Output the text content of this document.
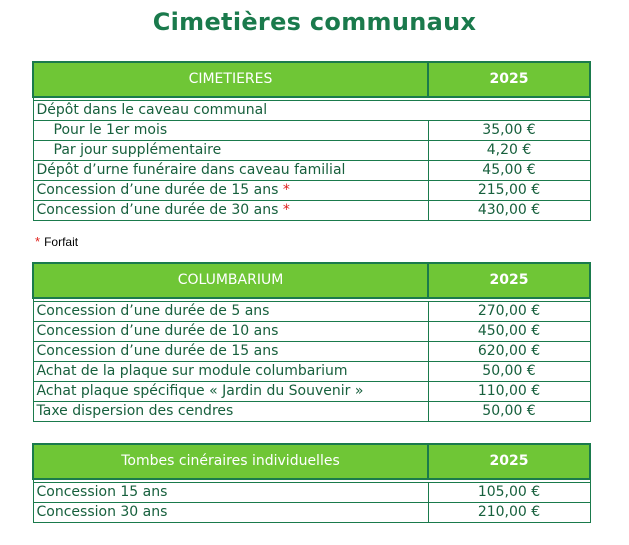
Cimetières communaux
CIMETIERES	2025

Dépôt dans le caveau communal	
Pour le 1er mois	35,00 €
Par jour supplémentaire	4,20 €
Dépôt d’urne funéraire dans caveau familial	45,00 €
Concession d’une durée de 15 ans *	215,00 €
Concession d’une durée de 30 ans *	430,00 €
* Forfait
COLUMBARIUM	2025

Concession d’une durée de 5 ans	270,00 €
Concession d’une durée de 10 ans	450,00 €
Concession d’une durée de 15 ans	620,00 €
Achat de la plaque sur module columbarium	50,00 €
Achat plaque spécifique « Jardin du Souvenir »	110,00 €
Taxe dispersion des cendres	50,00 €
Tombes cinéraires individuelles	2025

Concession 15 ans	105,00 €
Concession 30 ans	210,00 €
